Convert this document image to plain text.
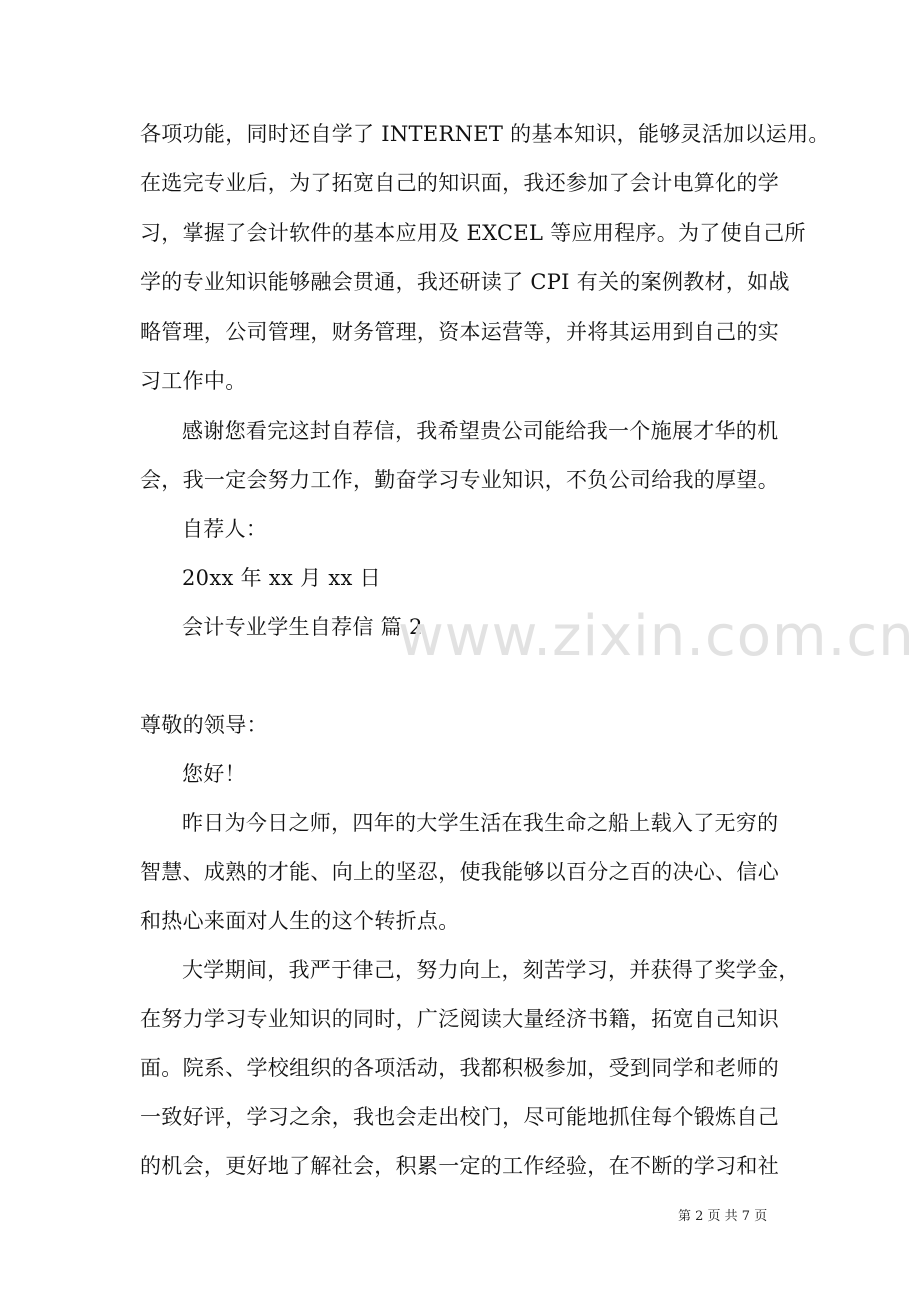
各项功能，同时还自学了 INTERNET 的基本知识，能够灵活加以运用。
在选完专业后，为了拓宽自己的知识面，我还参加了会计电算化的学
习，掌握了会计软件的基本应用及 EXCEL 等应用程序。为了使自己所
学的专业知识能够融会贯通，我还研读了 CPI 有关的案例教材，如战
略管理，公司管理，财务管理，资本运营等，并将其运用到自己的实
习工作中。
感谢您看完这封自荐信，我希望贵公司能给我一个施展才华的机
会，我一定会努力工作，勤奋学习专业知识，不负公司给我的厚望。
自荐人：
20xx 年 xx 月 xx 日
会计专业学生自荐信 篇 2
尊敬的领导：
您好！
昨日为今日之师，四年的大学生活在我生命之船上载入了无穷的
智慧、成熟的才能、向上的坚忍，使我能够以百分之百的决心、信心
和热心来面对人生的这个转折点。
大学期间，我严于律己，努力向上，刻苦学习，并获得了奖学金，
在努力学习专业知识的同时，广泛阅读大量经济书籍，拓宽自己知识
面。院系、学校组织的各项活动，我都积极参加，受到同学和老师的
一致好评，学习之余，我也会走出校门，尽可能地抓住每个锻炼自己
的机会，更好地了解社会，积累一定的工作经验，在不断的学习和社
www.zixin.com.cn
第 2 页 共 7 页
